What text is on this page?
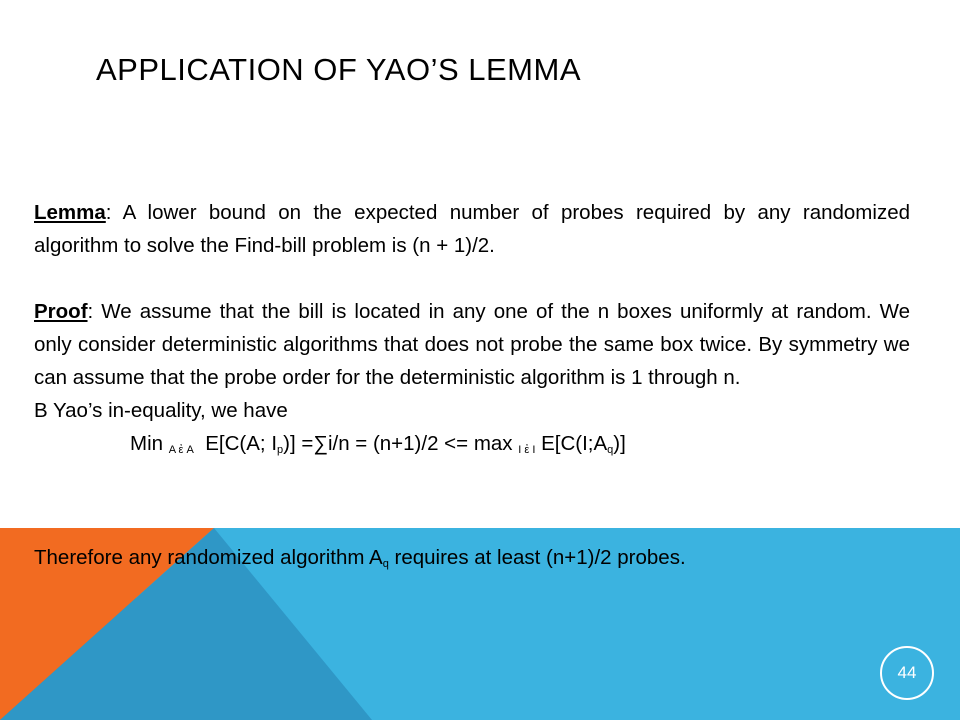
APPLICATION OF YAO’S LEMMA

Lemma: A lower bound on the expected number of probes required by any randomized algorithm to solve the Find-bill problem is (n + 1)/2.

Proof: We assume that the bill is located in any one of the n boxes uniformly at random. We only consider deterministic algorithms that does not probe the same box twice. By symmetry we can assume that the probe order for the deterministic algorithm is 1 through n.

B Yao’s in-equality, we have

Min A ἐ A E[C(A; $I_p)] =\sum i/n = (n+1)/2 <= \max I$ ἐ I $E[C(I;A_q)]$

Therefore any randomized algorithm $A_q$ requires at least (n+1)/2 probes.
44
